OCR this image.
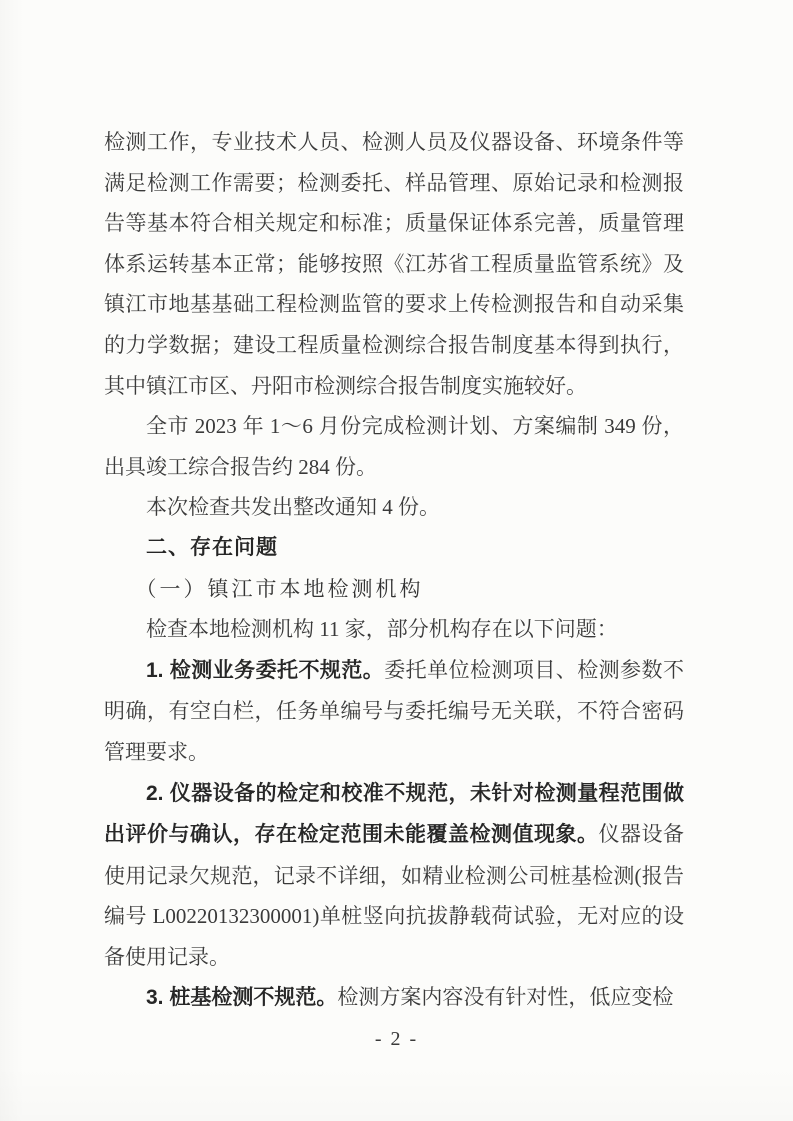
检测工作，专业技术人员、检测人员及仪器设备、环境条件等满足检测工作需要；检测委托、样品管理、原始记录和检测报告等基本符合相关规定和标准；质量保证体系完善，质量管理体系运转基本正常；能够按照《江苏省工程质量监管系统》及镇江市地基基础工程检测监管的要求上传检测报告和自动采集的力学数据；建设工程质量检测综合报告制度基本得到执行，其中镇江市区、丹阳市检测综合报告制度实施较好。

全市 2023 年 1～6 月份完成检测计划、方案编制 349 份，出具竣工综合报告约 284 份。

本次检查共发出整改通知 4 份。

二、存在问题

（一）镇江市本地检测机构

检查本地检测机构 11 家，部分机构存在以下问题：

1. 检测业务委托不规范。委托单位检测项目、检测参数不明确，有空白栏，任务单编号与委托编号无关联，不符合密码管理要求。

2. 仪器设备的检定和校准不规范，未针对检测量程范围做出评价与确认，存在检定范围未能覆盖检测值现象。仪器设备使用记录欠规范，记录不详细，如精业检测公司桩基检测(报告编号 L00220132300001)单桩竖向抗拔静载荷试验，无对应的设备使用记录。

3. 桩基检测不规范。检测方案内容没有针对性，低应变检

- 2 -
